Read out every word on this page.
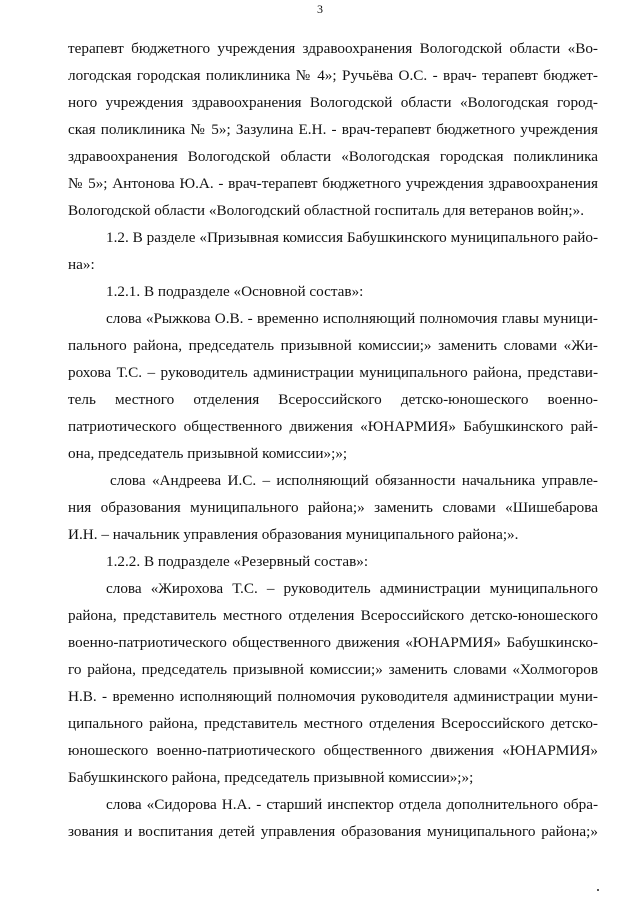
3
терапевт бюджетного учреждения здравоохранения Вологодской области «Во-
логодская городская поликлиника № 4»; Ручьёва О.С. - врач- терапевт бюджет-
ного учреждения здравоохранения Вологодской области «Вологодская город-
ская поликлиника № 5»; Зазулина Е.Н. - врач-терапевт бюджетного учреждения
здравоохранения Вологодской области «Вологодская городская поликлиника
№ 5»; Антонова Ю.А. - врач-терапевт бюджетного учреждения здравоохранения
Вологодской области «Вологодский областной госпиталь для ветеранов войн;».
1.2. В разделе «Призывная комиссия Бабушкинского муниципального райо-
на»:
1.2.1. В подразделе «Основной состав»:
слова «Рыжкова О.В. - временно исполняющий полномочия главы муници-
пального района, председатель призывной комиссии;» заменить словами «Жи-
рохова Т.С. – руководитель администрации муниципального района, представи-
тель местного отделения Всероссийского детско-юношеского военно-
патриотического общественного движения «ЮНАРМИЯ» Бабушкинского рай-
она, председатель призывной комиссии»;»;
слова «Андреева И.С. – исполняющий обязанности начальника управле-
ния образования муниципального района;» заменить словами «Шишебарова
И.Н. – начальник управления образования муниципального района;».
1.2.2. В подразделе «Резервный состав»:
слова «Жирохова Т.С. – руководитель администрации муниципального
района, представитель местного отделения Всероссийского детско-юношеского
военно-патриотического общественного движения «ЮНАРМИЯ» Бабушкинско-
го района, председатель призывной комиссии;» заменить словами «Холмогоров
Н.В. - временно исполняющий полномочия руководителя администрации муни-
ципального района, представитель местного отделения Всероссийского детско-
юношеского военно-патриотического общественного движения «ЮНАРМИЯ»
Бабушкинского района, председатель призывной комиссии»;»;
слова «Сидорова Н.А. - старший инспектор отдела дополнительного обра-
зования и воспитания детей управления образования муниципального района;»
